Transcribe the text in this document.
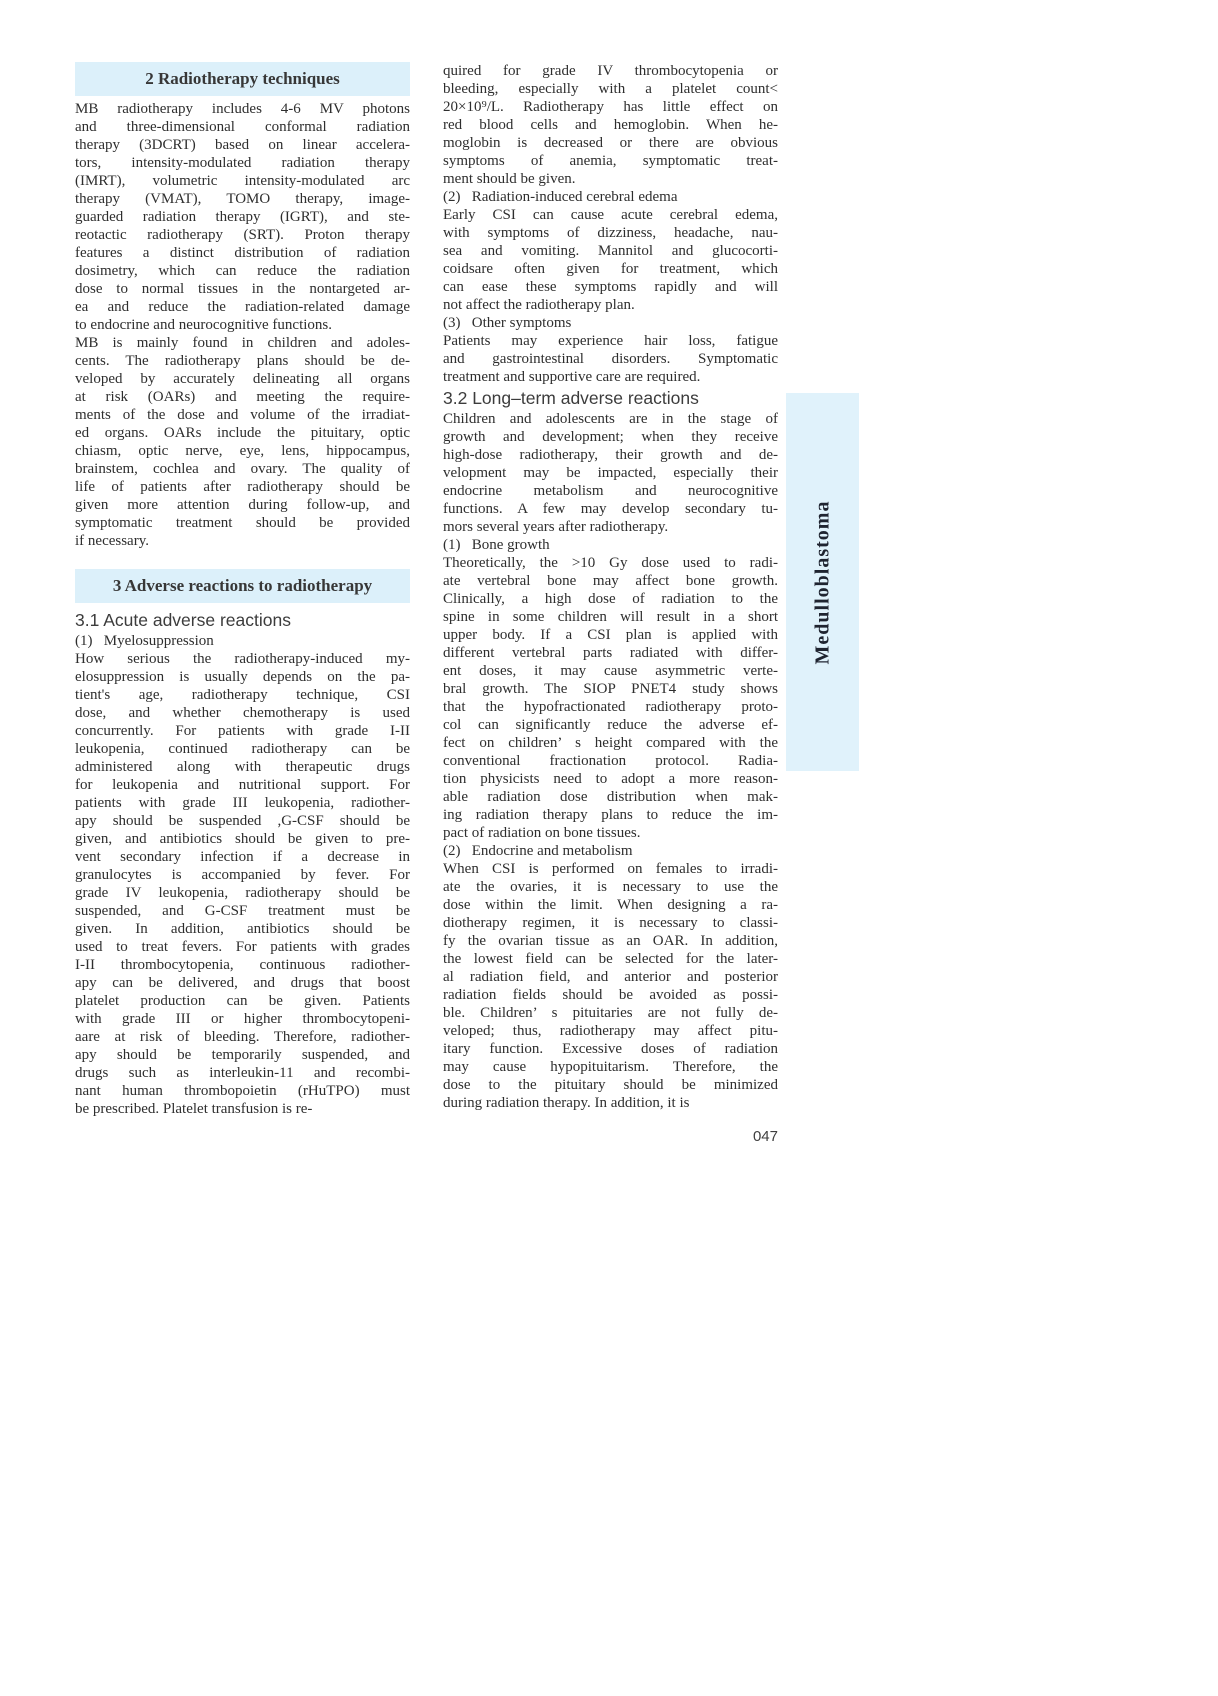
2 Radiotherapy techniques
MB radiotherapy includes 4-6 MV photons
and three-dimensional conformal radiation
therapy (3DCRT) based on linear accelera-
tors, intensity-modulated radiation therapy
(IMRT), volumetric intensity-modulated arc
therapy (VMAT), TOMO therapy, image-
guarded radiation therapy (IGRT), and ste-
reotactic radiotherapy (SRT). Proton therapy
features a distinct distribution of radiation
dosimetry, which can reduce the radiation
dose to normal tissues in the nontargeted ar-
ea and reduce the radiation-related damage
to endocrine and neurocognitive functions.
MB is mainly found in children and adoles-
cents. The radiotherapy plans should be de-
veloped by accurately delineating all organs
at risk (OARs) and meeting the require-
ments of the dose and volume of the irradiat-
ed organs. OARs include the pituitary, optic
chiasm, optic nerve, eye, lens, hippocampus,
brainstem, cochlea and ovary. The quality of
life of patients after radiotherapy should be
given more attention during follow-up, and
symptomatic treatment should be provided
if necessary.
3 Adverse reactions to radiotherapy
3.1 Acute adverse reactions
(1)   Myelosuppression
How serious the radiotherapy-induced my-
elosuppression is usually depends on the pa-
tient's age, radiotherapy technique, CSI
dose, and whether chemotherapy is used
concurrently. For patients with grade I-II
leukopenia, continued radiotherapy can be
administered along with therapeutic drugs
for leukopenia and nutritional support. For
patients with grade III leukopenia, radiother-
apy should be suspended ,G-CSF should be
given, and antibiotics should be given to pre-
vent secondary infection if a decrease in
granulocytes is accompanied by fever. For
grade IV leukopenia, radiotherapy should be
suspended, and G-CSF treatment must be
given. In addition, antibiotics should be
used to treat fevers. For patients with grades
I-II thrombocytopenia, continuous radiother-
apy can be delivered, and drugs that boost
platelet production can be given. Patients
with grade III or higher thrombocytopeni-
aare at risk of bleeding. Therefore, radiother-
apy should be temporarily suspended, and
drugs such as interleukin-11 and recombi-
nant human thrombopoietin (rHuTPO) must
be prescribed. Platelet transfusion is re-
quired for grade IV thrombocytopenia or
bleeding, especially with a platelet count<
20×10⁹/L. Radiotherapy has little effect on
red blood cells and hemoglobin. When he-
moglobin is decreased or there are obvious
symptoms of anemia, symptomatic treat-
ment should be given.
(2)   Radiation-induced cerebral edema
Early CSI can cause acute cerebral edema,
with symptoms of dizziness, headache, nau-
sea and vomiting. Mannitol and glucocorti-
coidsare often given for treatment, which
can ease these symptoms rapidly and will
not affect the radiotherapy plan.
(3)   Other symptoms
Patients may experience hair loss, fatigue
and gastrointestinal disorders. Symptomatic
treatment and supportive care are required.
3.2 Long–term adverse reactions
Children and adolescents are in the stage of
growth and development; when they receive
high-dose radiotherapy, their growth and de-
velopment may be impacted, especially their
endocrine metabolism and neurocognitive
functions. A few may develop secondary tu-
mors several years after radiotherapy.
(1)   Bone growth
Theoretically, the >10 Gy dose used to radi-
ate vertebral bone may affect bone growth.
Clinically, a high dose of radiation to the
spine in some children will result in a short
upper body. If a CSI plan is applied with
different vertebral parts radiated with differ-
ent doses, it may cause asymmetric verte-
bral growth. The SIOP PNET4 study shows
that the hypofractionated radiotherapy proto-
col can significantly reduce the adverse ef-
fect on children’ s height compared with the
conventional fractionation protocol. Radia-
tion physicists need to adopt a more reason-
able radiation dose distribution when mak-
ing radiation therapy plans to reduce the im-
pact of radiation on bone tissues.
(2)   Endocrine and metabolism
When CSI is performed on females to irradi-
ate the ovaries, it is necessary to use the
dose within the limit. When designing a ra-
diotherapy regimen, it is necessary to classi-
fy the ovarian tissue as an OAR. In addition,
the lowest field can be selected for the later-
al radiation field, and anterior and posterior
radiation fields should be avoided as possi-
ble. Children’ s pituitaries are not fully de-
veloped; thus, radiotherapy may affect pitu-
itary function. Excessive doses of radiation
may cause hypopituitarism. Therefore, the
dose to the pituitary should be minimized
during radiation therapy. In addition, it is
Medulloblastoma
047
